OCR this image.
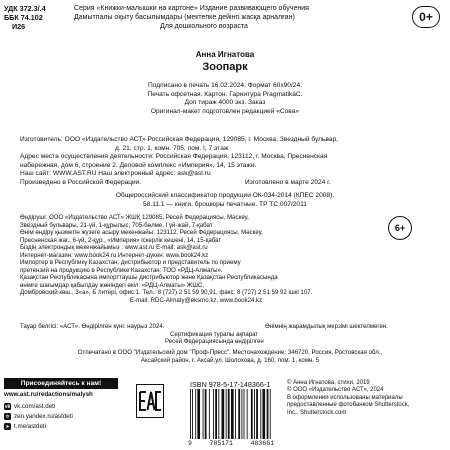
УДК 372.3/.4
ББК 74.102
И26
Серия «Книжки-малышки на картоне» Издание развивающего обучения
Дамытпалы оқыту басылымдары (мектепке дейінгі жасқа арналған)
Для дошкольного возраста
0+
Анна Игнатова
Зоопарк
Подписано в печать 16.02.2024. Формат 60х90/24.
Печать офсетная. Картон. Гарнитура PragmatikaC.
Доп тираж 4000 экз. Заказ
Оригинал-макет подготовлен редакцией «Сова»

Изготовитель: ООО «Издательство АСТ» Российская Федерация, 129085, г. Москва, Звездный бульвар,

д. 21, стр. 1, комн. 705, пом. I, 7 этаж

Адрес места осуществления деятельности: Российская Федерация, 123112, г. Москва, Пресненская

набережная, дом 6, строение 2. Деловой комплекс «Империя», 14, 15 этажи.

Наш сайт: WWW.AST.RU Наш электронный адрес: ask@ast.ru

Произведено в Российской Федерации.	Изготовлено в марте 2024 г.
Общероссийский классификатор продукции ОК-034-2014 (КПЕС 2008),
58.11.1 — книги, брошюры печатные. ТР ТС 007/2011

Өндіруші: ООО «Издательство АСТ» ЖШҚ 129085, Ресей Федерациясы, Мәскеу,

Звёздный бульвары, 21-үй, 1-құрылыс, 705-бөлме, I үй-жай, 7-қабат

Өнім өндіру қызметін жүзеге асыру мекенжайы: 123112, Ресей Федерациясы, Мәскеу,

Пресненская жаг., 6-үй, 2-құр., «Империя» іскерлік кешені, 14, 15-қабат

Біздің электрондық мекенжайымыз : www.ast.ru E-mail: ask@ast.ru

Интернет-магазин: www.book24.ru Интернет-дүкен: www.book24.kz

Импортер в Республику Казахстан, дистрибьютор и представитель по приему

претензий на продукцию в Республике Казахстан: ТОО «РДЦ-Алматы».

Қазақстан Республикасына импорттаушы дистрибьютор және Қазақстан Республикасында

өнімге шағымдар қабылдау жөніндегі өкіл: «РДЦ-Алматы» ЖШС.

Домбровский көш., 3«а», Б литері, офис 1. Тел.: 8 (727) 2 51 59 90,91, факс: 8 (727) 2 51 59 92 ішкі 107.

E-mail: RDC-Almaty@eksmo.kz, www.book24.kz

6+

Тауар белгісі: «АСТ». Өндірілген күні: наурыз 2024.	Өнімнің жарамдылық мерзімі шектелмеген.

Сертификация туралы ақпарат

Ресей Федерациясында өндірілген

Отпечатано в ООО "Издательский дом "Проф-Пресс". Местонахождение: 346720, Россия, Ростовская обл.,
Аксайский район, г. Аксай,ул. Шолохова, д. 160, пом. 1, комн. 5
Присоединяйтесь к нам!
www.ast.ru/redactions/malysh
vk vk.com/ast.deti
✲ zen.yandex.ru/astdeti
➤ t.me/astdeti
ISBN 978-5-17-148366-1
9	785171	483661

© Анна Игнатова, стихи, 2019

© ООО «Издательство АСТ», 2024

В оформлении использованы материалы

предоставленные фотобанком Shutterstock,

Inc., Shutterstock.com
